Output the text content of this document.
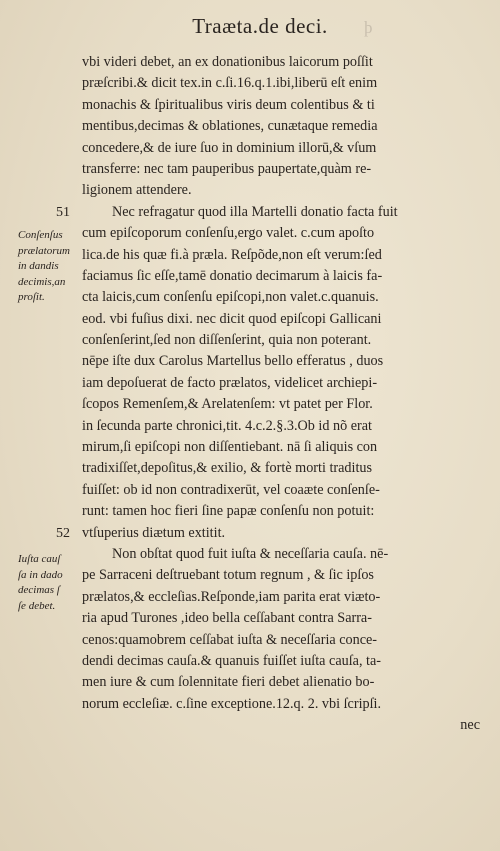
Traæta.de deci. þ
51
52
Conſenſus
prælatorum
in dandis
decimis,an
proſit.
Iuſta cauſ
ſa in dado
decimas ſ
ſe debet.
vbi videri debet, an ex donationibus laicorum poſſit
præſcribi.& dicit tex.in c.ſi.16.q.1.ibi,liberū eſt enim
monachis & ſpiritualibus viris deum colentibus & ti
mentibus,decimas & oblationes, cunætaque remedia
concedere,& de iure ſuo in dominium illorū,& vſum
transferre: nec tam pauperibus paupertate,quàm re-
ligionem attendere.
Nec refragatur quod illa Martelli donatio facta fuit
cum epiſcoporum conſenſu,ergo valet. c.cum apoſto
lica.de his quæ fi.à præla. Reſpõde,non eſt verum:ſed
faciamus ſic eſſe,tamē donatio decimarum à laicis fa-
cta laicis,cum conſenſu epiſcopi,non valet.c.quanuis.
eod. vbi fuſius dixi. nec dicit quod epiſcopi Gallicani
conſenſerint,ſed non diſſenſerint, quia non poterant.
nēpe iſte dux Carolus Martellus bello efferatus , duos
iam depoſuerat de facto prælatos, videlicet archiepi-
ſcopos Remenſem,& Arelatenſem: vt patet per Flor.
in ſecunda parte chronici,tit. 4.c.2.§.3.Ob id nõ erat
mirum,ſi epiſcopi non diſſentiebant. nā ſi aliquis con
tradixiſſet,depoſitus,& exilio, & fortè morti traditus
fuiſſet: ob id non contradixerūt, vel coaæte conſenſe-
runt: tamen hoc fieri ſine papæ conſenſu non potuit:
vtſuperius diætum extitit.
Non obſtat quod fuit iuſta & neceſſaria cauſa. nē-
pe Sarraceni deſtruebant totum regnum , & ſic ipſos
prælatos,& eccleſias.Reſponde,iam parita erat viæto-
ria apud Turones ,ideo bella ceſſabant contra Sarra-
cenos:quamobrem ceſſabat iuſta & neceſſaria conce-
dendi decimas cauſa.& quanuis fuiſſet iuſta cauſa, ta-
men iure & cum ſolennitate fieri debet alienatio bo-
norum eccleſiæ. c.ſine exceptione.12.q. 2. vbi ſcripſi.
nec
